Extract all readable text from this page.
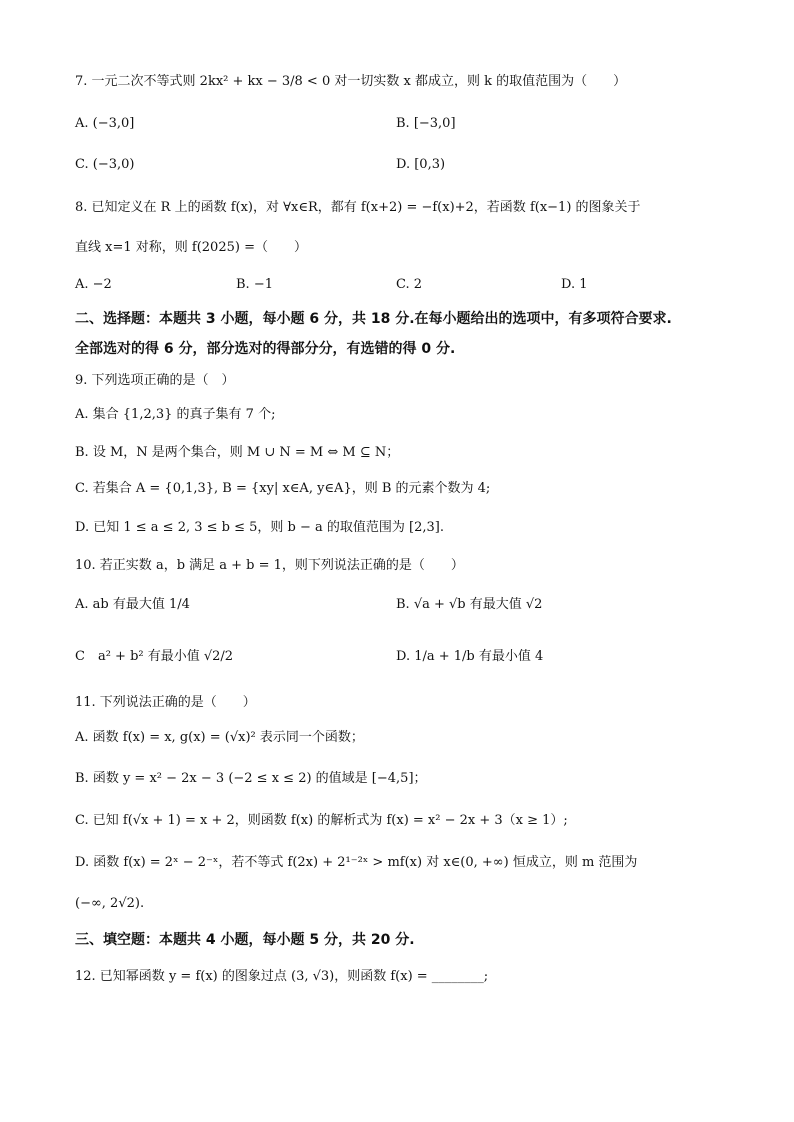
7. 一元二次不等式则 2kx² + kx − 3/8 < 0 对一切实数 x 都成立，则 k 的取值范围为（　　）
A. (−3,0]	B. [−3,0]
C. (−3,0)	D. [0,3)
8. 已知定义在 R 上的函数 f(x)，对 ∀x∈R，都有 f(x+2) = −f(x)+2，若函数 f(x−1) 的图象关于
直线 x=1 对称，则 f(2025) =（　　）
A. −2	B. −1	C. 2	D. 1
二、选择题：本题共 3 小题，每小题 6 分，共 18 分.在每小题给出的选项中，有多项符合要求.
全部选对的得 6 分，部分选对的得部分分，有选错的得 0 分.
9. 下列选项正确的是（　）
A. 集合 {1,2,3} 的真子集有 7 个;
B. 设 M，N 是两个集合，则 M ∪ N = M ⇔ M ⊆ N；
C. 若集合 A = {0,1,3}, B = {xy| x∈A, y∈A}，则 B 的元素个数为 4;
D. 已知 1 ≤ a ≤ 2, 3 ≤ b ≤ 5，则 b − a 的取值范围为 [2,3].
10. 若正实数 a，b 满足 a + b = 1，则下列说法正确的是（　　）
A. ab 有最大值 1/4	B. √a + √b 有最大值 √2
C　a² + b² 有最小值 √2/2	D. 1/a + 1/b 有最小值 4
11. 下列说法正确的是（　　）
A. 函数 f(x) = x, g(x) = (√x)² 表示同一个函数；
B. 函数 y = x² − 2x − 3 (−2 ≤ x ≤ 2) 的值域是 [−4,5]；
C. 已知 f(√x + 1) = x + 2，则函数 f(x) 的解析式为 f(x) = x² − 2x + 3（x ≥ 1）;
D. 函数 f(x) = 2ˣ − 2⁻ˣ，若不等式 f(2x) + 2¹⁻²ˣ > mf(x) 对 x∈(0, +∞) 恒成立，则 m 范围为
(−∞, 2√2).
三、填空题：本题共 4 小题，每小题 5 分，共 20 分.
12. 已知幂函数 y = f(x) 的图象过点 (3, √3)，则函数 f(x) = ________;
